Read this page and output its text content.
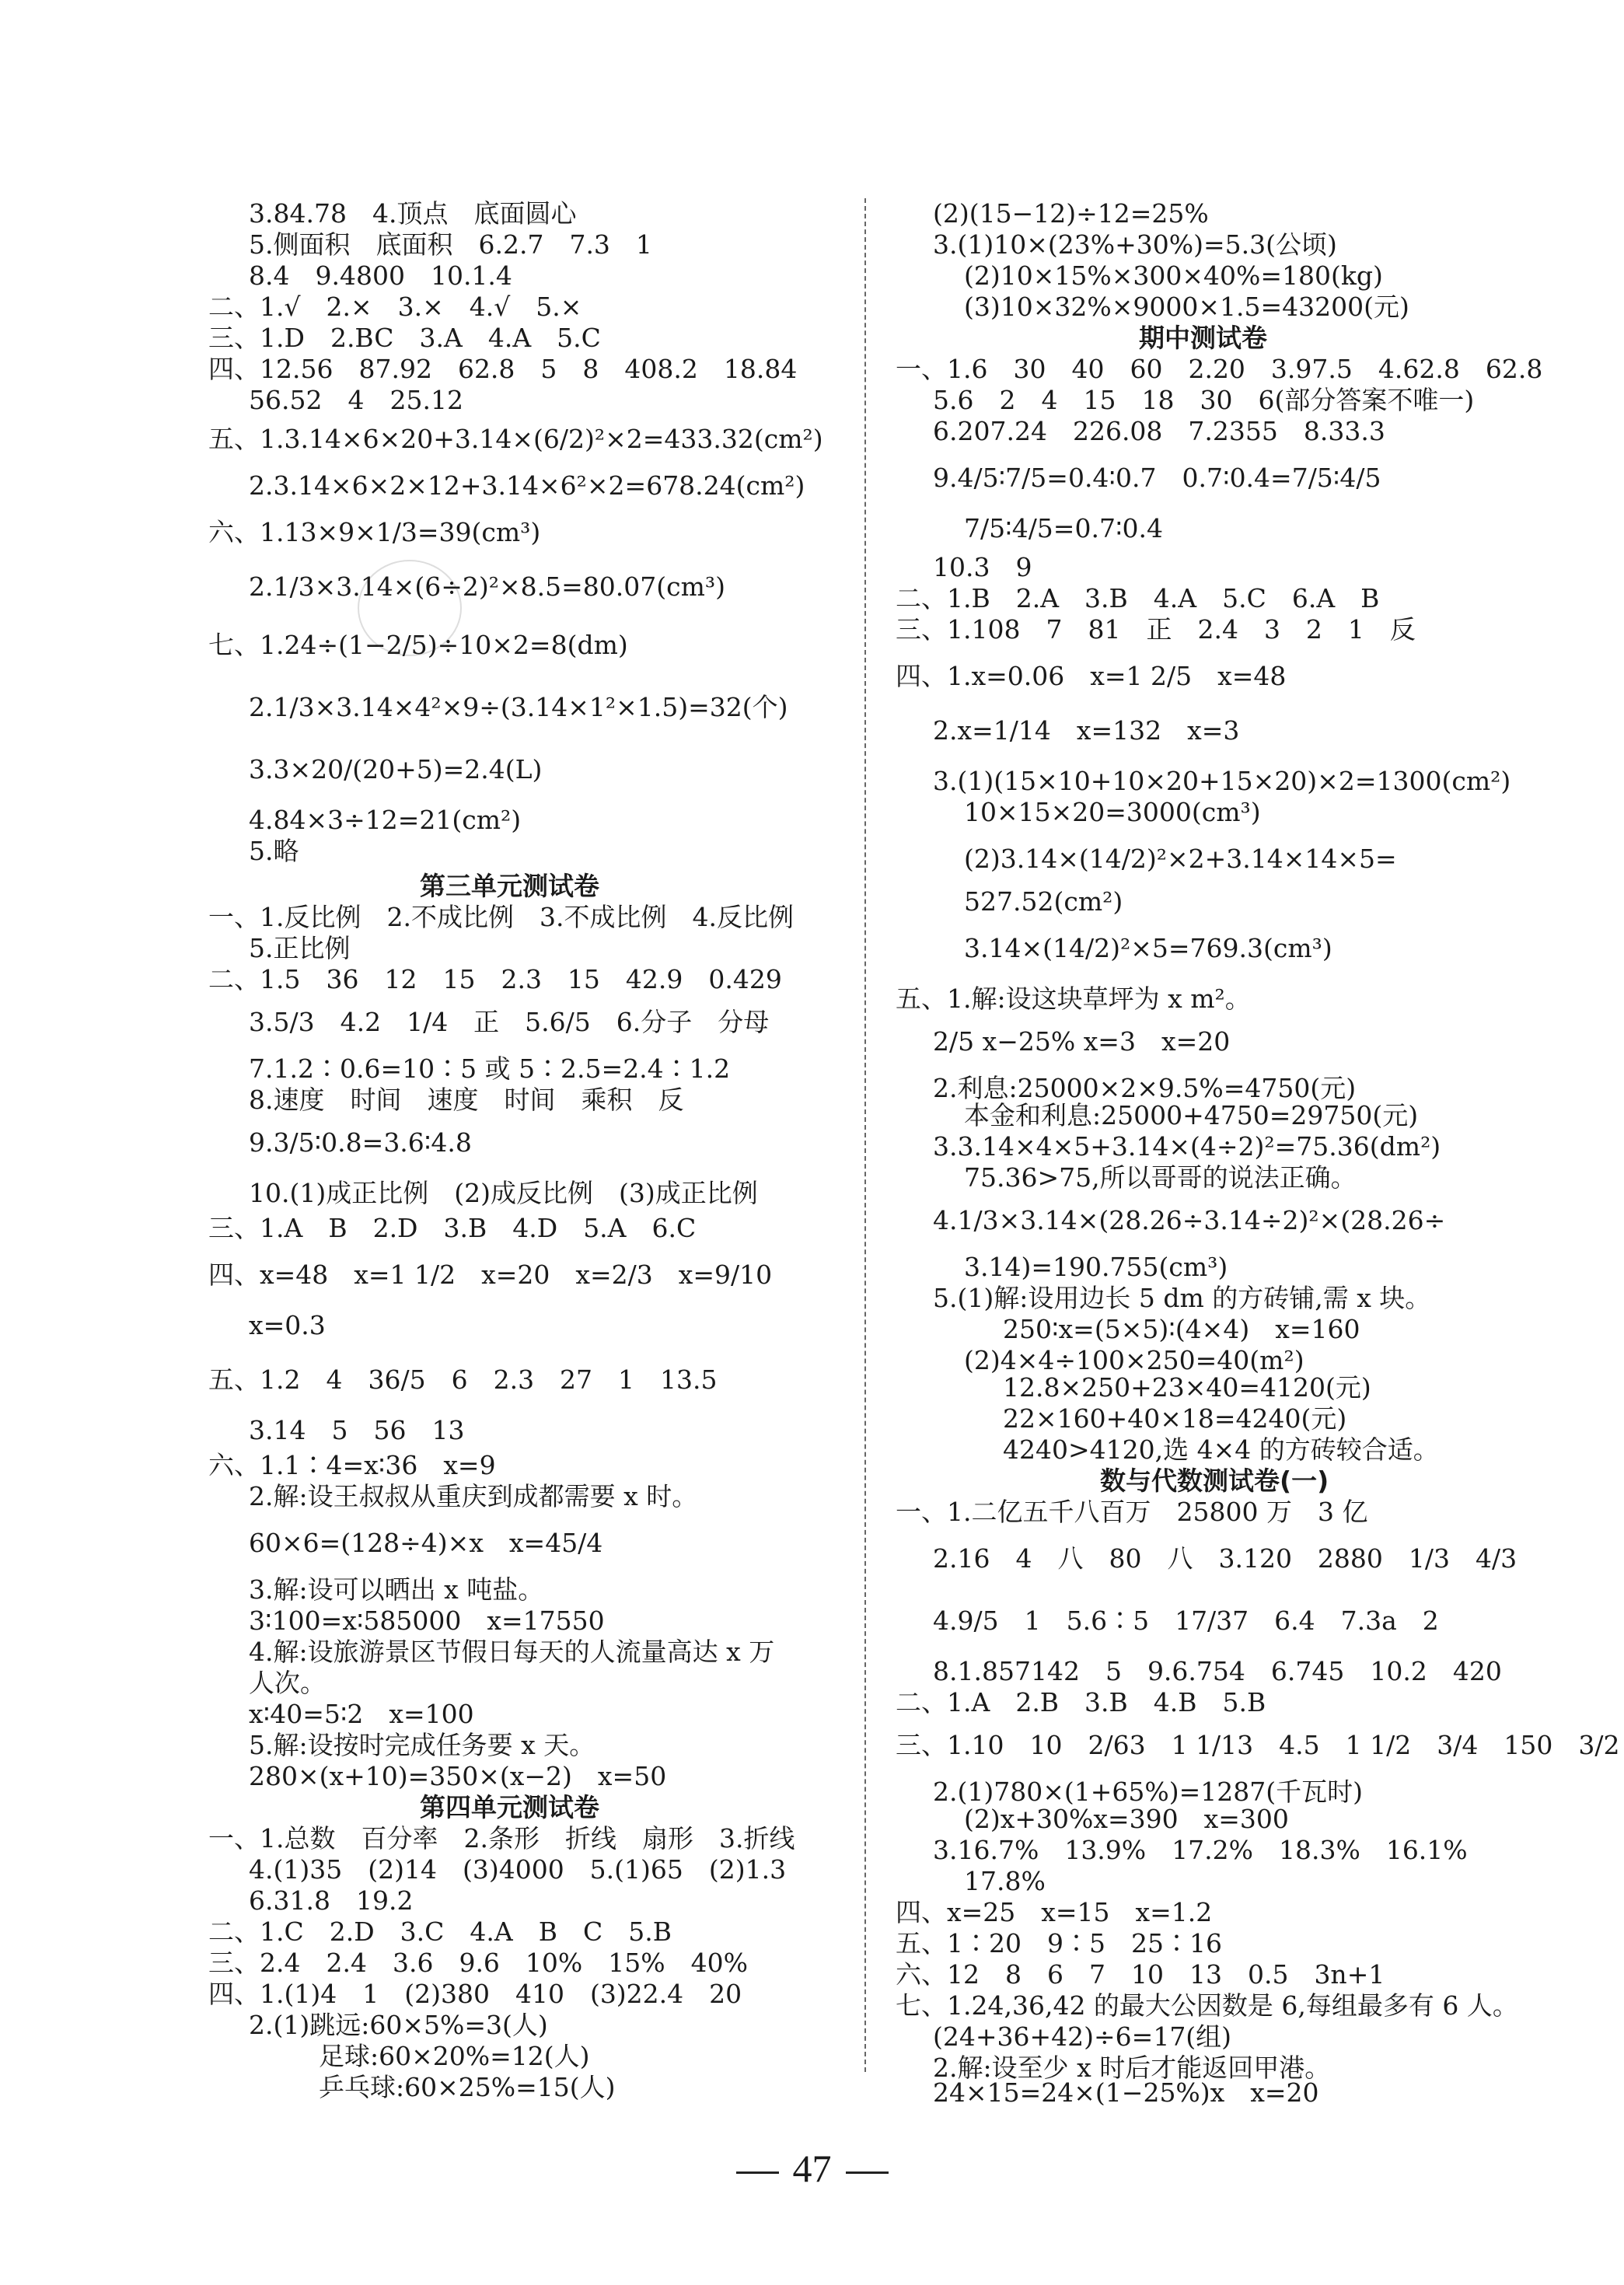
3.84.78　4.顶点　底面圆心
5.侧面积　底面积　6.2.7　7.3　1
8.4　9.4800　10.1.4
二、1.√　2.×　3.×　4.√　5.×
三、1.D　2.BC　3.A　4.A　5.C
四、12.56　87.92　62.8　5　8　408.2　18.84
56.52　4　25.12
五、1.3.14×6×20+3.14×(6/2)²×2=433.32(cm²)
2.3.14×6×2×12+3.14×6²×2=678.24(cm²)
六、1.13×9×1/3=39(cm³)
2.1/3×3.14×(6÷2)²×8.5=80.07(cm³)
七、1.24÷(1−2/5)÷10×2=8(dm)
2.1/3×3.14×4²×9÷(3.14×1²×1.5)=32(个)
3.3×20/(20+5)=2.4(L)
4.84×3÷12=21(cm²)
5.略
第三单元测试卷
一、1.反比例　2.不成比例　3.不成比例　4.反比例
5.正比例
二、1.5　36　12　15　2.3　15　42.9　0.429
3.5/3　4.2　1/4　正　5.6/5　6.分子　分母
7.1.2∶0.6=10∶5 或 5∶2.5=2.4∶1.2
8.速度　时间　速度　时间　乘积　反
9.3/5∶0.8=3.6∶4.8
10.(1)成正比例　(2)成反比例　(3)成正比例
三、1.A　B　2.D　3.B　4.D　5.A　6.C
四、x=48　x=1 1/2　x=20　x=2/3　x=9/10
x=0.3
五、1.2　4　36/5　6　2.3　27　1　13.5
3.14　5　56　13
六、1.1∶4=x∶36　x=9
2.解:设王叔叔从重庆到成都需要 x 时。
60×6=(128÷4)×x　x=45/4
3.解:设可以晒出 x 吨盐。
3∶100=x∶585000　x=17550
4.解:设旅游景区节假日每天的人流量高达 x 万
人次。
x∶40=5∶2　x=100
5.解:设按时完成任务要 x 天。
280×(x+10)=350×(x−2)　x=50
第四单元测试卷
一、1.总数　百分率　2.条形　折线　扇形　3.折线
4.(1)35　(2)14　(3)4000　5.(1)65　(2)1.3
6.31.8　19.2
二、1.C　2.D　3.C　4.A　B　C　5.B
三、2.4　2.4　3.6　9.6　10%　15%　40%
四、1.(1)4　1　(2)380　410　(3)22.4　20
2.(1)跳远:60×5%=3(人)
足球:60×20%=12(人)
乒乓球:60×25%=15(人)
(2)(15−12)÷12=25%
3.(1)10×(23%+30%)=5.3(公顷)
(2)10×15%×300×40%=180(kg)
(3)10×32%×9000×1.5=43200(元)
期中测试卷
一、1.6　30　40　60　2.20　3.97.5　4.62.8　62.8
5.6　2　4　15　18　30　6(部分答案不唯一)
6.207.24　226.08　7.2355　8.33.3
9.4/5∶7/5=0.4∶0.7　0.7∶0.4=7/5∶4/5
7/5∶4/5=0.7∶0.4
10.3　9
二、1.B　2.A　3.B　4.A　5.C　6.A　B
三、1.108　7　81　正　2.4　3　2　1　反
四、1.x=0.06　x=1 2/5　x=48
2.x=1/14　x=132　x=3
3.(1)(15×10+10×20+15×20)×2=1300(cm²)
10×15×20=3000(cm³)
(2)3.14×(14/2)²×2+3.14×14×5=
527.52(cm²)
3.14×(14/2)²×5=769.3(cm³)
五、1.解:设这块草坪为 x m²。
2/5 x−25% x=3　x=20
2.利息:25000×2×9.5%=4750(元)
本金和利息:25000+4750=29750(元)
3.3.14×4×5+3.14×(4÷2)²=75.36(dm²)
75.36>75,所以哥哥的说法正确。
4.1/3×3.14×(28.26÷3.14÷2)²×(28.26÷
3.14)=190.755(cm³)
5.(1)解:设用边长 5 dm 的方砖铺,需 x 块。
250∶x=(5×5)∶(4×4)　x=160
(2)4×4÷100×250=40(m²)
12.8×250+23×40=4120(元)
22×160+40×18=4240(元)
4240>4120,选 4×4 的方砖较合适。
数与代数测试卷(一)
一、1.二亿五千八百万　25800 万　3 亿
2.16　4　八　80　八　3.120　2880　1/3　4/3
4.9/5　1　5.6∶5　17/37　6.4　7.3a　2
8.1.857142　5　9.6.754　6.745　10.2　420
二、1.A　2.B　3.B　4.B　5.B
三、1.10　10　2/63　1 1/13　4.5　1 1/2　3/4　150　3/2
2.(1)780×(1+65%)=1287(千瓦时)
(2)x+30%x=390　x=300
3.16.7%　13.9%　17.2%　18.3%　16.1%
17.8%
四、x=25　x=15　x=1.2
五、1∶20　9∶5　25∶16
六、12　8　6　7　10　13　0.5　3n+1
七、1.24,36,42 的最大公因数是 6,每组最多有 6 人。
(24+36+42)÷6=17(组)
2.解:设至少 x 时后才能返回甲港。
24×15=24×(1−25%)x　x=20
47
